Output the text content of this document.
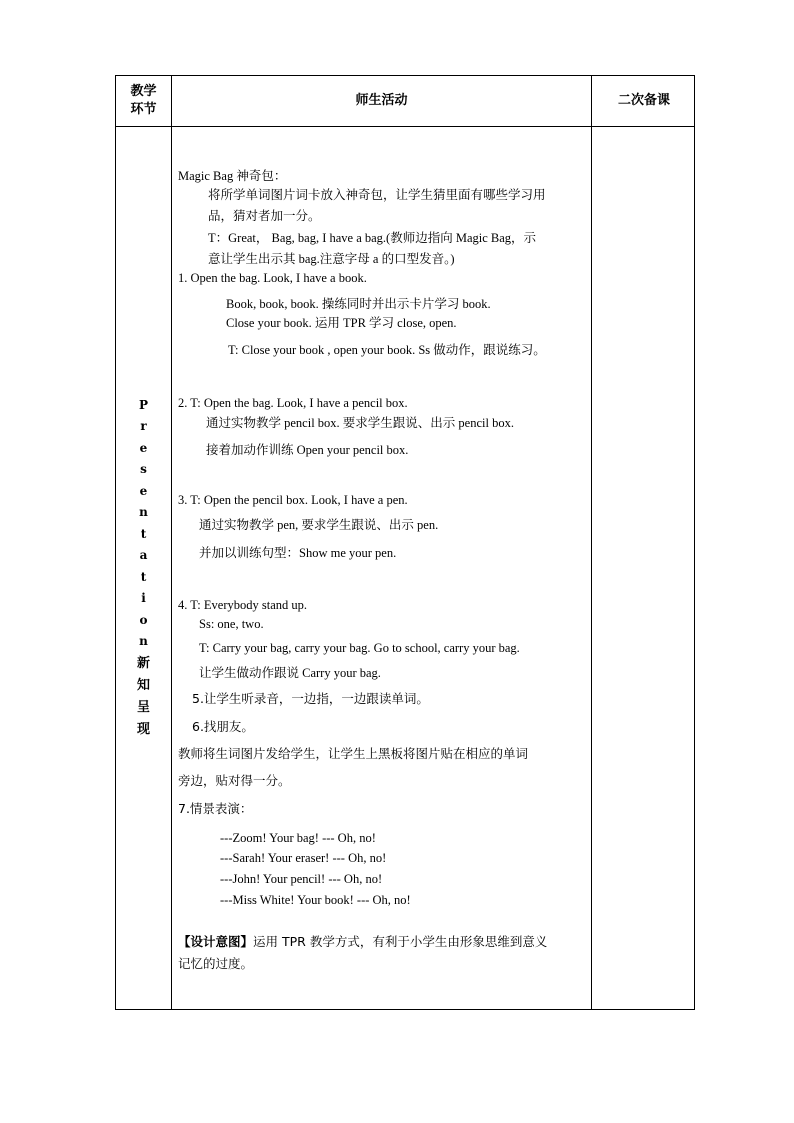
教学环节
师生活动	二次备课
P
r
e
s
e
n
t
a
t
i
o
n
新
知
呈
现
Magic Bag 神奇包：
将所学单词图片词卡放入神奇包，让学生猜里面有哪些学习用
品，猜对者加一分。
T：Great， Bag, bag, I have a bag.(教师边指向 Magic Bag，示
意让学生出示其 bag.注意字母 a 的口型发音。)
1. Open the bag. Look, I have a book.
Book, book, book. 操练同时并出示卡片学习 book.
Close your book. 运用 TPR 学习 close, open.
T: Close your book , open your book. Ss 做动作，跟说练习。
2. T: Open the bag. Look, I have a pencil box.
通过实物教学 pencil box. 要求学生跟说、出示 pencil box.
接着加动作训练 Open your pencil box.
3. T: Open the pencil box. Look, I have a pen.
通过实物教学 pen, 要求学生跟说、出示 pen.
并加以训练句型：Show me your pen.
4. T: Everybody stand up.
Ss: one, two.
T: Carry your bag, carry your bag. Go to school, carry your bag.
让学生做动作跟说 Carry your bag.
5.让学生听录音，一边指，一边跟读单词。
6.找朋友。
教师将生词图片发给学生，让学生上黑板将图片贴在相应的单词
旁边，贴对得一分。
7.情景表演：
---Zoom! Your bag! --- Oh, no!
---Sarah! Your eraser! --- Oh, no!
---John! Your pencil! --- Oh, no!
---Miss White! Your book! --- Oh, no!
【设计意图】运用 TPR 教学方式，有利于小学生由形象思维到意义
记忆的过度。
